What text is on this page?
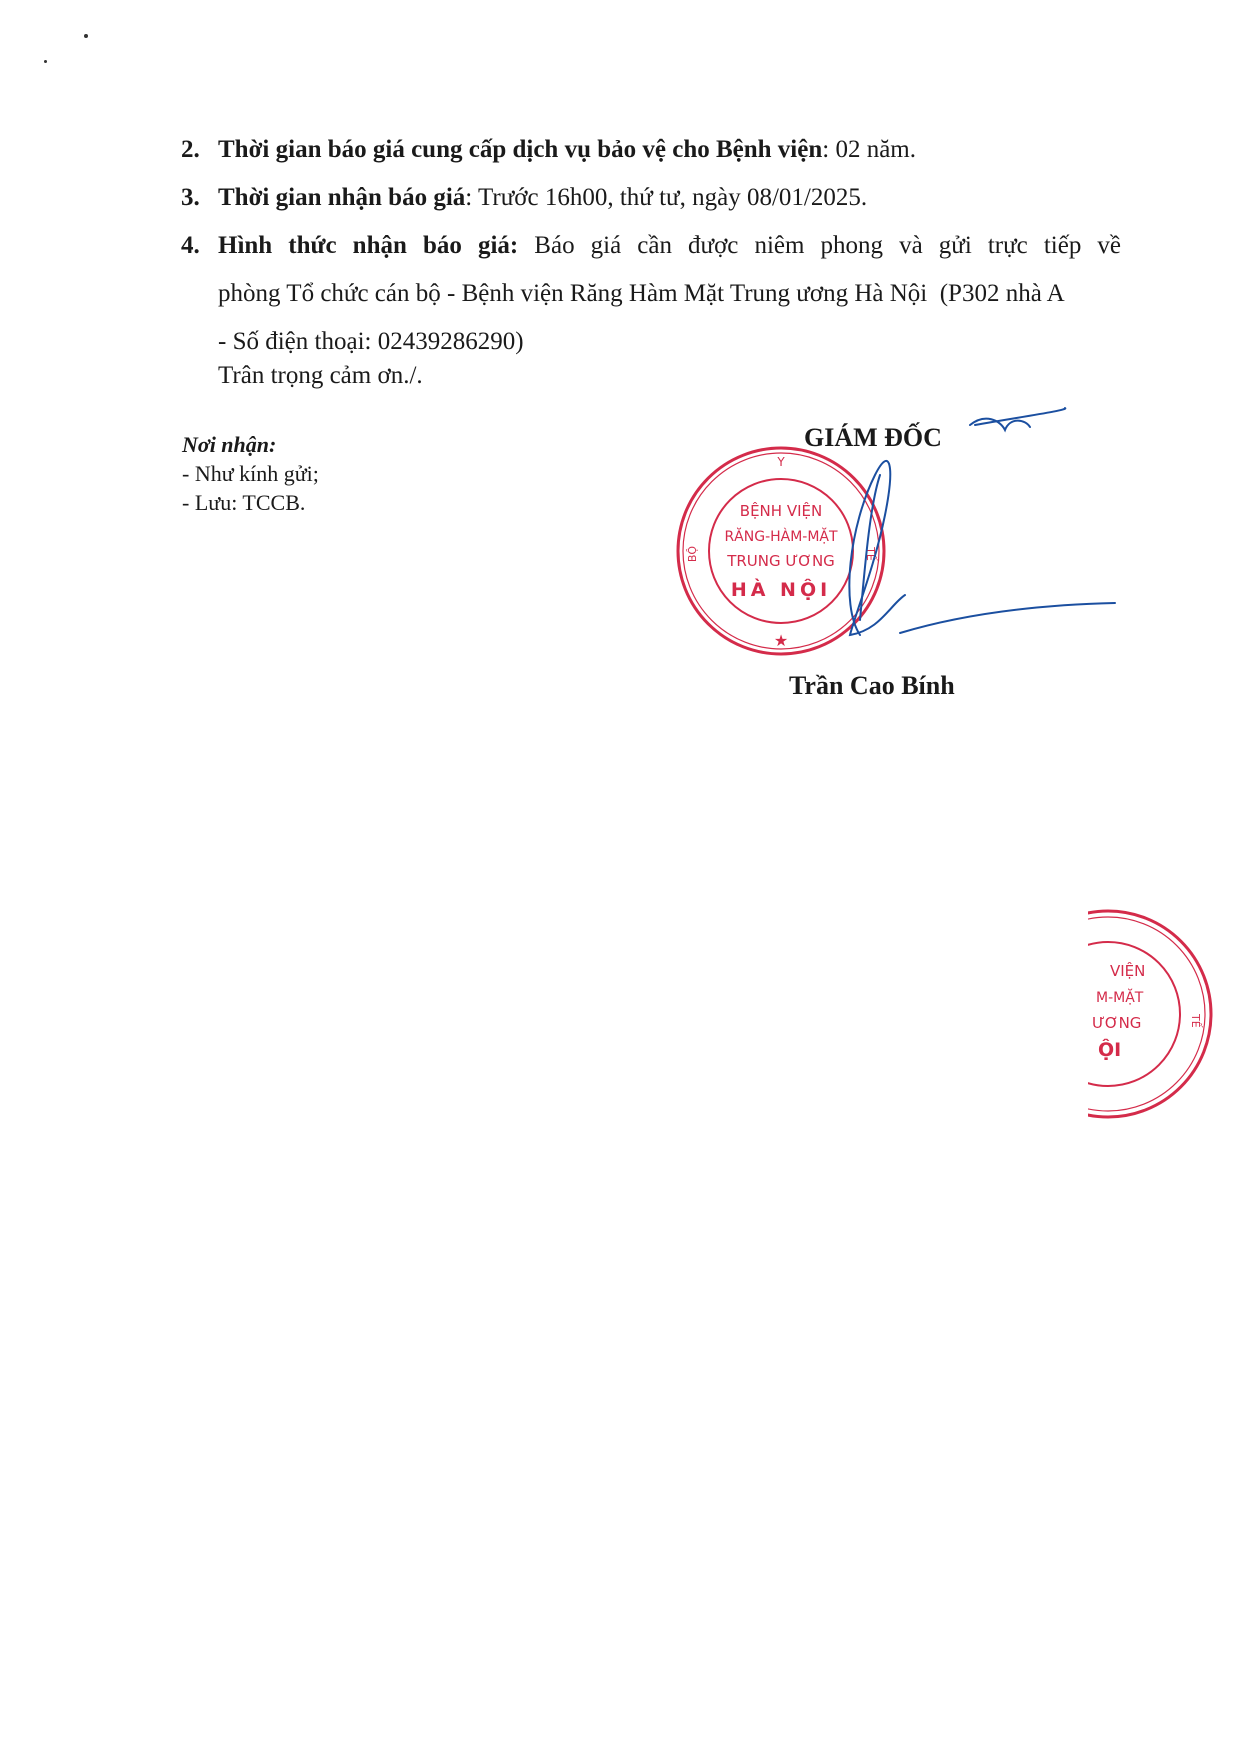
2. Thời gian báo giá cung cấp dịch vụ bảo vệ cho Bệnh viện: 02 năm.
3. Thời gian nhận báo giá: Trước 16h00, thứ tư, ngày 08/01/2025.
4. Hình thức nhận báo giá: Báo giá cần được niêm phong và gửi trực tiếp về
phòng Tổ chức cán bộ - Bệnh viện Răng Hàm Mặt Trung ương Hà Nội  (P302 nhà A
- Số điện thoại: 02439286290)
Trân trọng cảm ơn./.
Nơi nhận:
- Như kính gửi;
- Lưu: TCCB.
Y
BỘ	TẾ
BỆNH VIỆN
RĂNG-HÀM-MẶT
TRUNG ƯƠNG
HÀ NỘI
★
GIÁM ĐỐC
Trần Cao Bính
VIỆN
M-MẶT
ƯƠNG
ỘI
TẾ
